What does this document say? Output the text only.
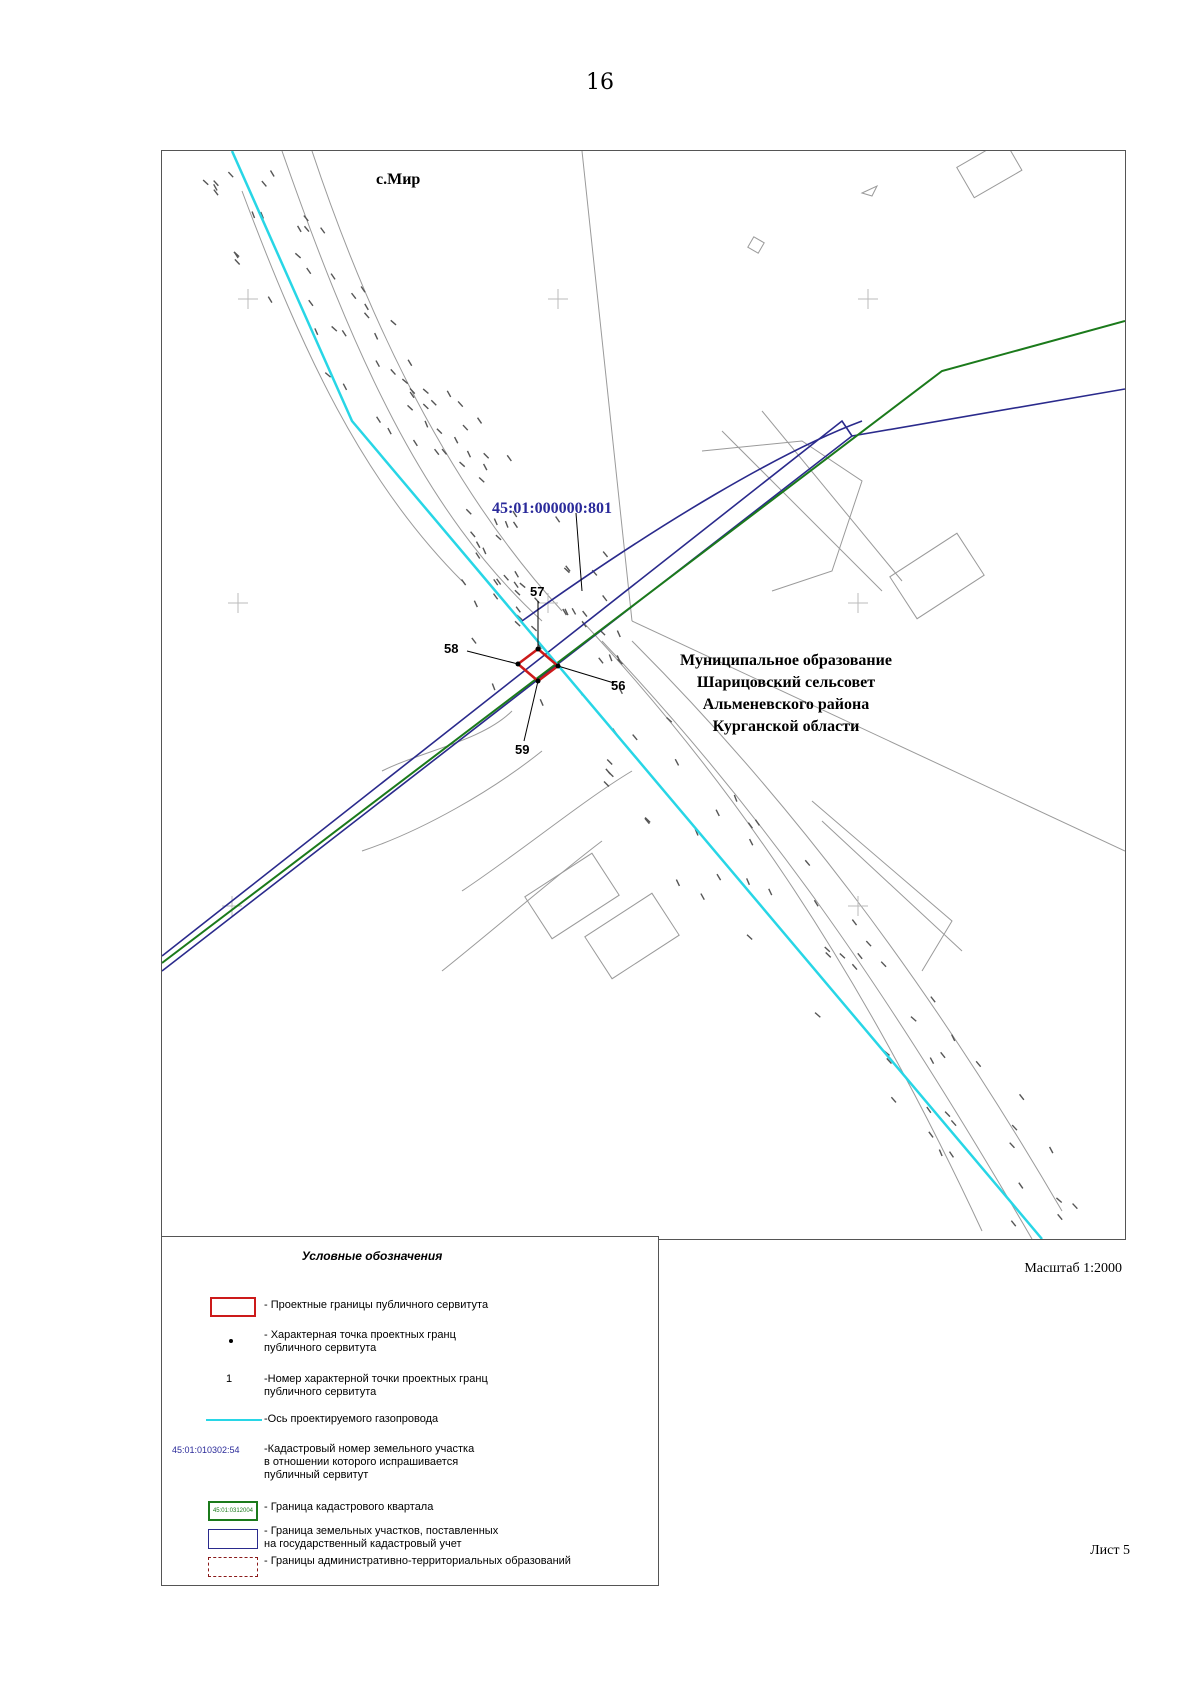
16
с.Мир
45:01:000000:801
57
58
56
59
Муниципальное образование
Шарицовский сельсовет
Альменевского района
Курганской области
Условные обозначения
- Проектные границы публичного сервитута
- Характерная точка проектных гранц
публичного сервитута
1	-Номер характерной точки проектных гранц
публичного сервитута
-Ось проектируемого газопровода
45:01:010302:54 -Кадастровый номер земельного участка
в отношении которого испрашивается
публичный сервитут
45:01:0312004 - Граница кадастрового квартала
- Граница земельных участков, поставленных
на государственный кадастровый учет
- Границы административно-территориальных образований
Масштаб 1:2000
Лист 5
